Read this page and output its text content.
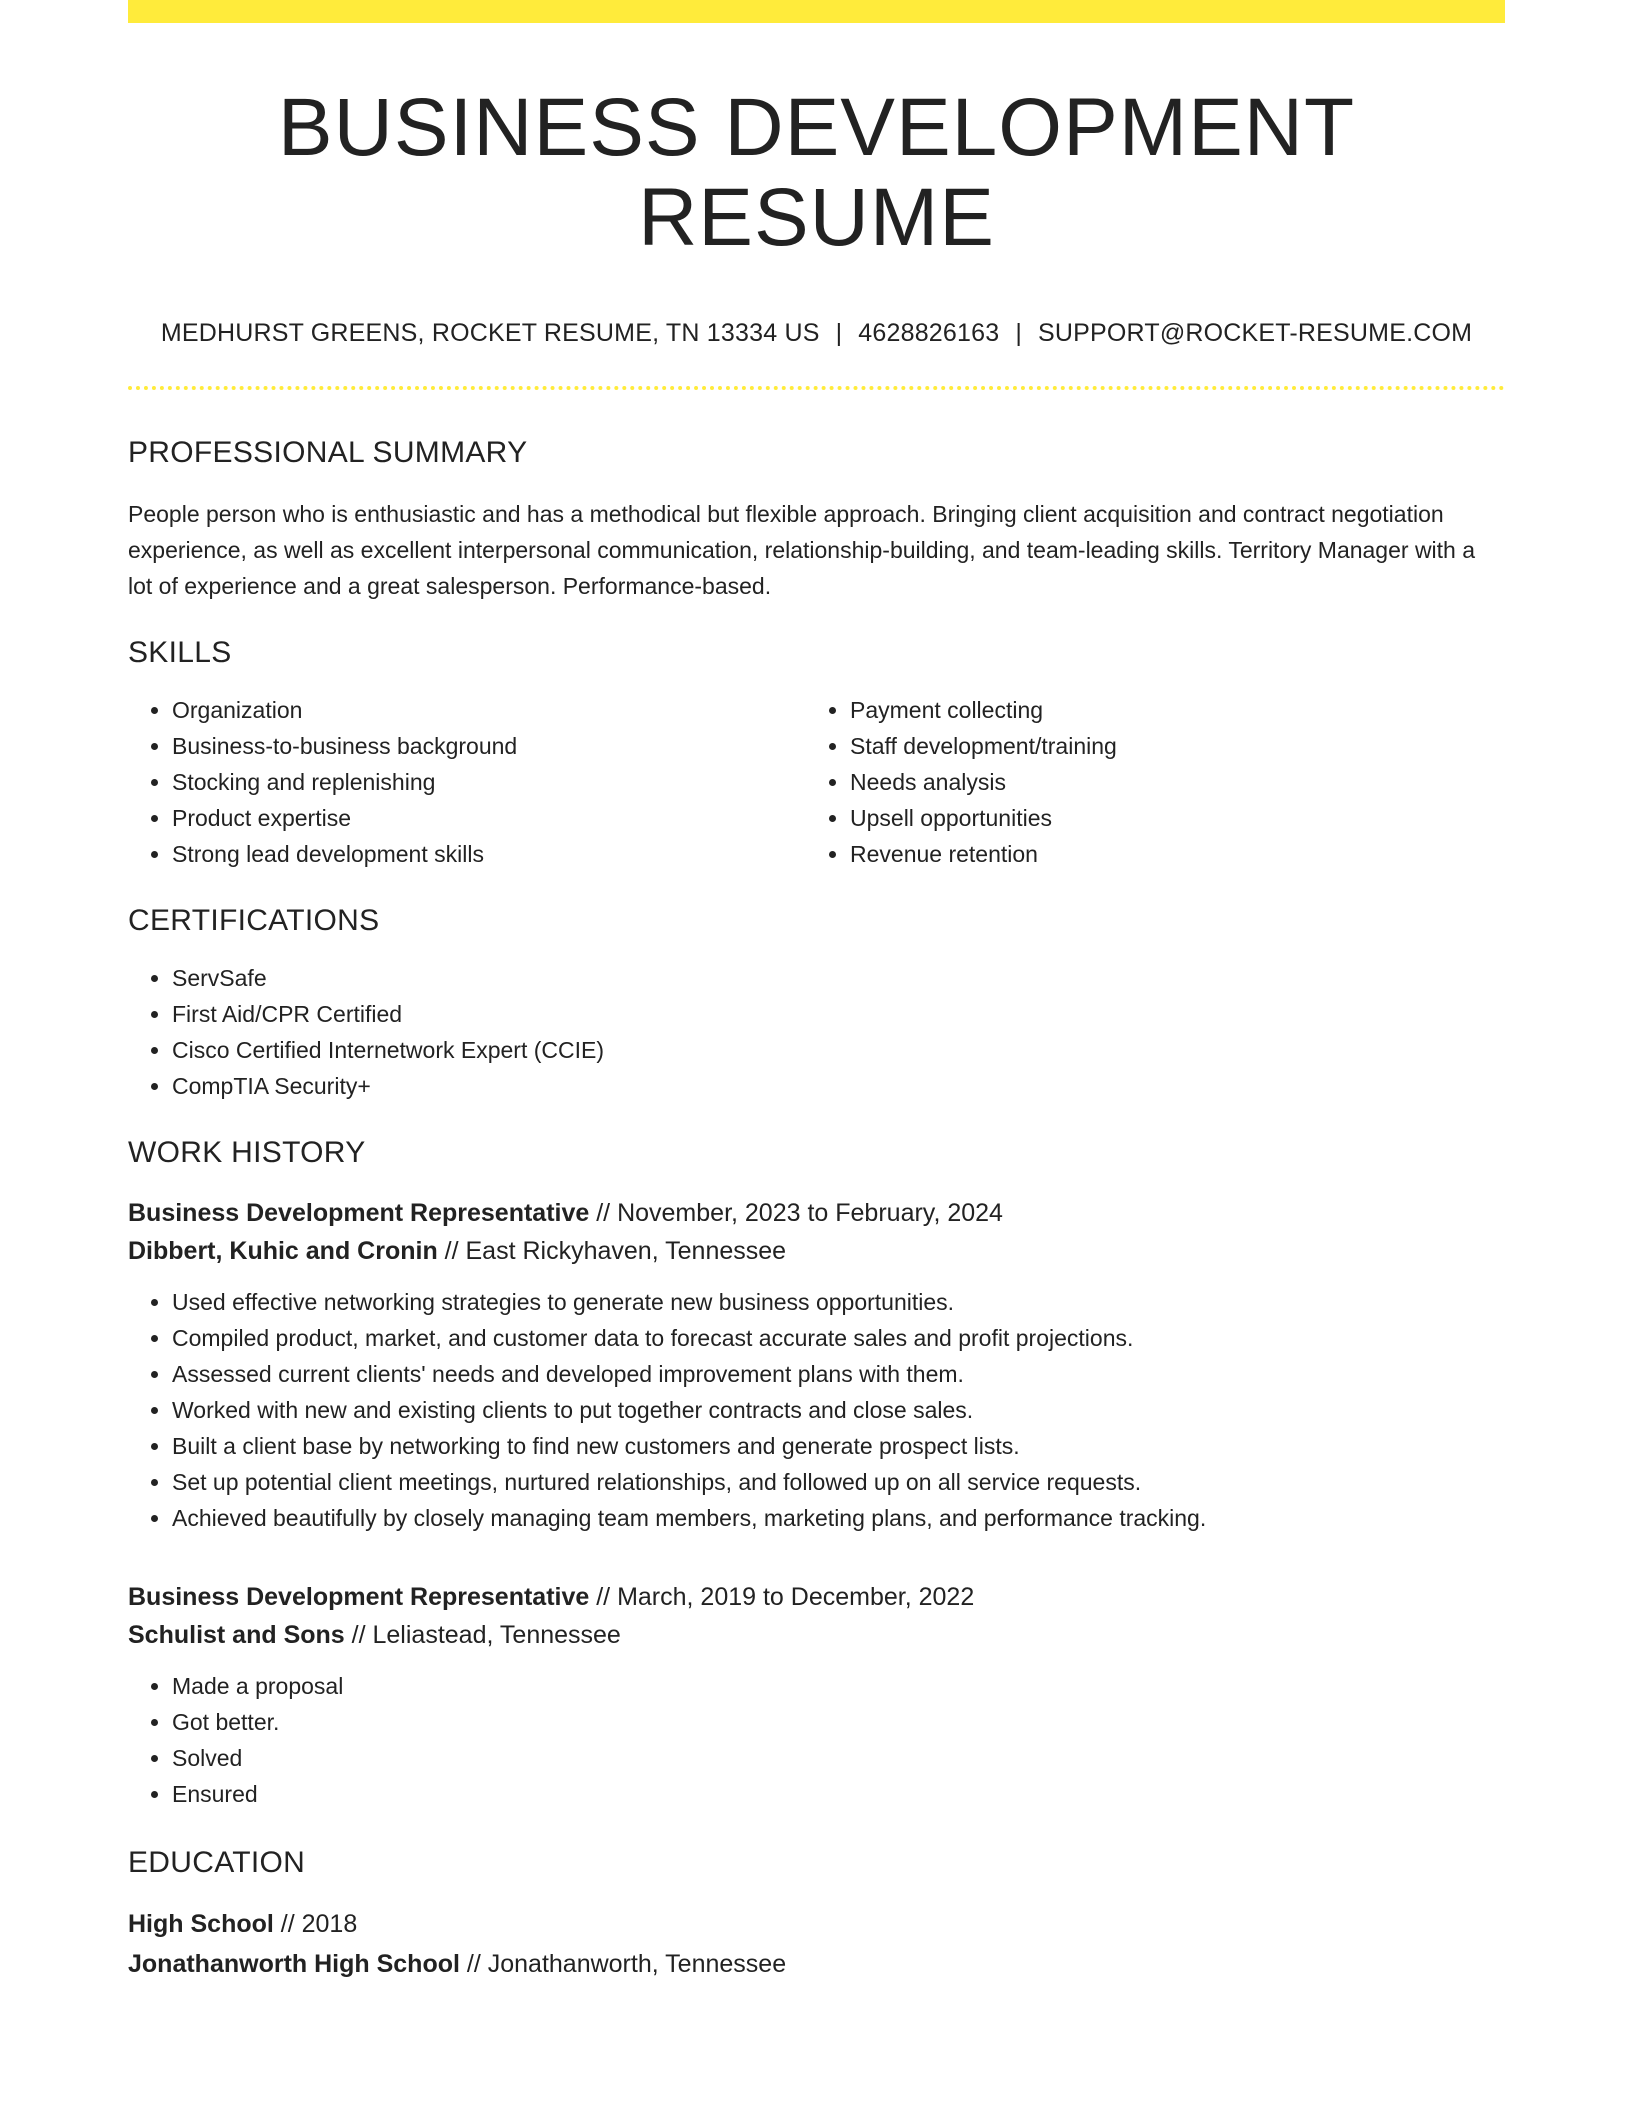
BUSINESS DEVELOPMENT RESUME
MEDHURST GREENS, ROCKET RESUME, TN 13334 US | 4628826163 | SUPPORT@ROCKET-RESUME.COM
PROFESSIONAL SUMMARY

People person who is enthusiastic and has a methodical but flexible approach. Bringing client acquisition and contract negotiation experience, as well as excellent interpersonal communication, relationship-building, and team-leading skills. Territory Manager with a lot of experience and a great salesperson. Performance-based.

SKILLS
• Organization
• Business-to-business background
• Stocking and replenishing
• Product expertise
• Strong lead development skills
• Payment collecting
• Staff development/training
• Needs analysis
• Upsell opportunities
• Revenue retention
CERTIFICATIONS
• ServSafe
• First Aid/CPR Certified
• Cisco Certified Internetwork Expert (CCIE)
• CompTIA Security+
WORK HISTORY
Business Development Representative // November, 2023 to February, 2024
Dibbert, Kuhic and Cronin // East Rickyhaven, Tennessee
• Used effective networking strategies to generate new business opportunities.
• Compiled product, market, and customer data to forecast accurate sales and profit projections.
• Assessed current clients' needs and developed improvement plans with them.
• Worked with new and existing clients to put together contracts and close sales.
• Built a client base by networking to find new customers and generate prospect lists.
• Set up potential client meetings, nurtured relationships, and followed up on all service requests.
• Achieved beautifully by closely managing team members, marketing plans, and performance tracking.
Business Development Representative // March, 2019 to December, 2022
Schulist and Sons // Leliastead, Tennessee
• Made a proposal
• Got better.
• Solved
• Ensured
EDUCATION
High School // 2018
Jonathanworth High School // Jonathanworth, Tennessee
